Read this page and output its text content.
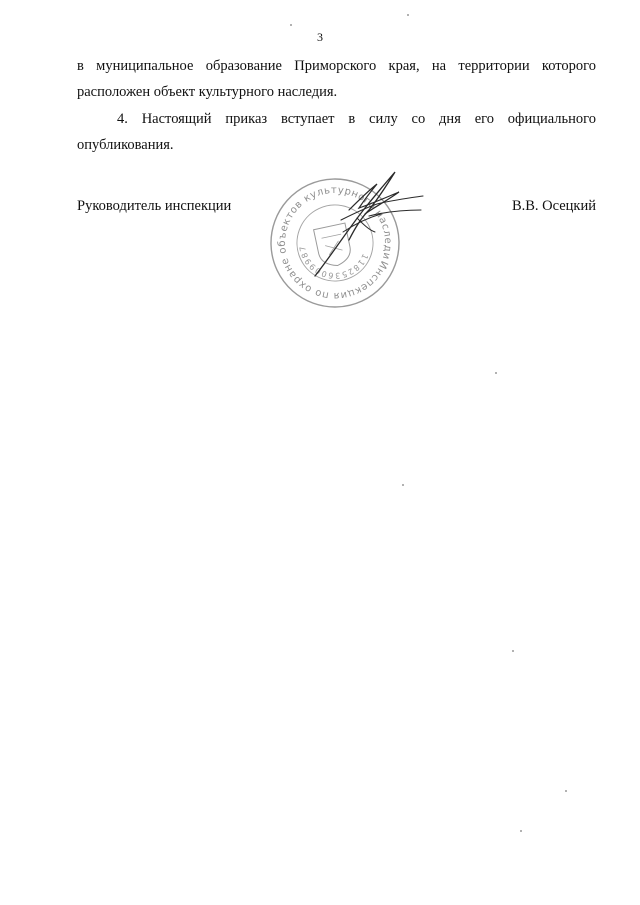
3
в муниципальное образование Приморского края, на территории которого
расположен объект культурного наследия.
4. Настоящий приказ вступает в силу со дня его официального
опубликования.
Инспекция по охране объектов культурного наследия
1182536009987
Руководитель инспекции	В.В. Осецкий
